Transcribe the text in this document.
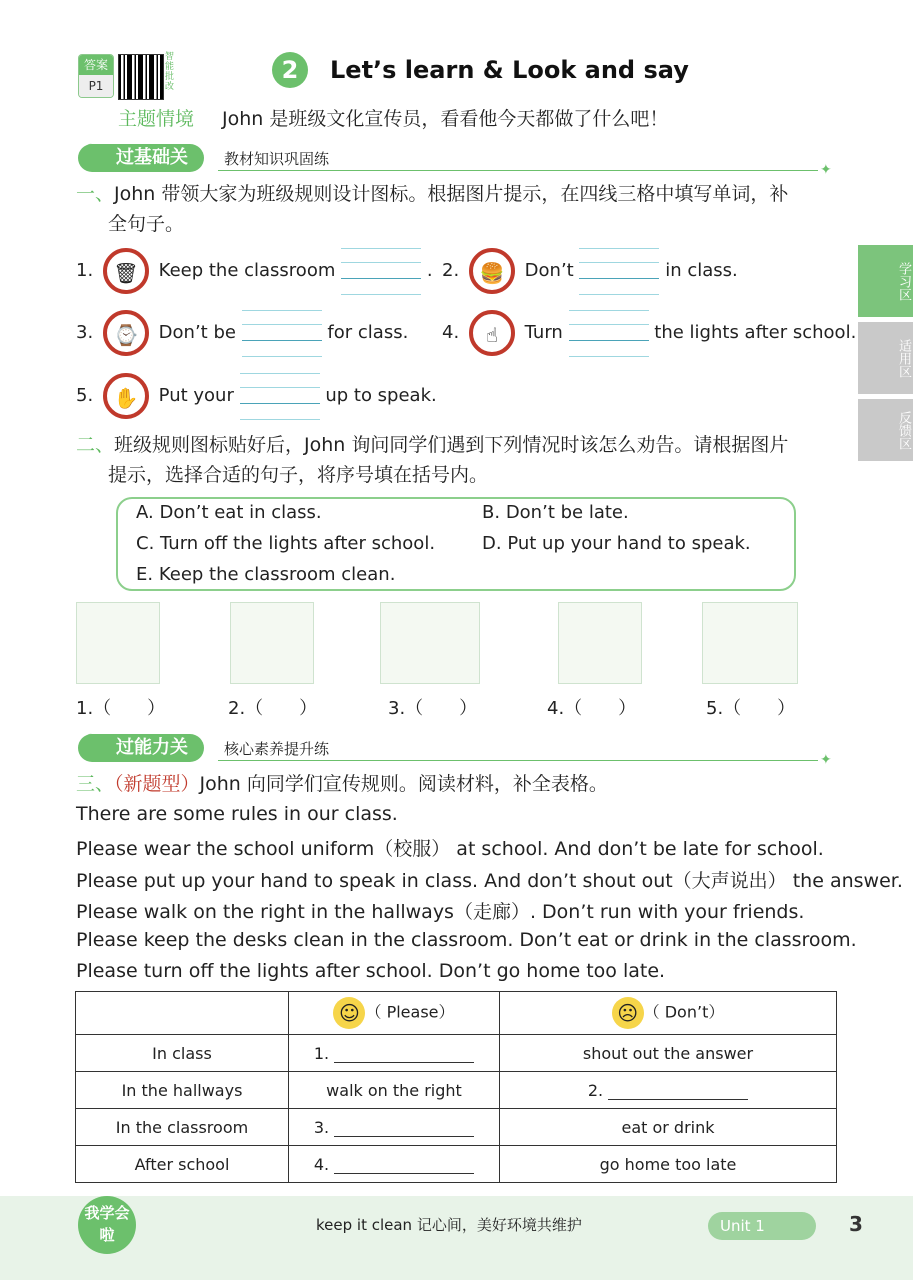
答案
P1
智能批改
2	Let’s learn & Look and say
主题情境 John 是班级文化宣传员，看看他今天都做了什么吧！
过基础关	教材知识巩固练
✦
一、John 带领大家为班级规则设计图标。根据图片提示，在四线三格中填写单词，补
全句子。
1.	🗑	Keep the classroom	. 2.	🍔	Don’t	in class.
3.	⌚	Don’t be	for class. 4.	☝	Turn	the lights after school.
5.	✋	Put your	up to speak.
二、班级规则图标贴好后，John 询问同学们遇到下列情况时该怎么劝告。请根据图片
提示，选择合适的句子，将序号填在括号内。
A. Don’t eat in class.	B. Don’t be late.
C. Turn off the lights after school.	D. Put up your hand to speak.
E. Keep the classroom clean.
1.（　　）	2.（　　）	3.（　　）	4.（　　）	5.（　　）
过能力关	核心素养提升练
✦
三、（新题型）John 向同学们宣传规则。阅读材料，补全表格。
There are some rules in our class.
Please wear the school uniform（校服） at school. And don’t be late for school.
Please put up your hand to speak in class. And don’t shout out（大声说出） the answer.
Please walk on the right in the hallways（走廊）. Don’t run with your friends.
Please keep the desks clean in the classroom. Don’t eat or drink in the classroom.
Please turn off the lights after school. Don’t go home too late.
	☺ （ Please）	☹ （ Don’t）
In class	1.	shout out the answer
In the hallways	walk on the right	2.
In the classroom	3.	eat or drink
After school	4.	go home too late
学习区
适用区
反馈区
我学会啦
keep it clean 记心间，美好环境共维护	Unit 1	3
